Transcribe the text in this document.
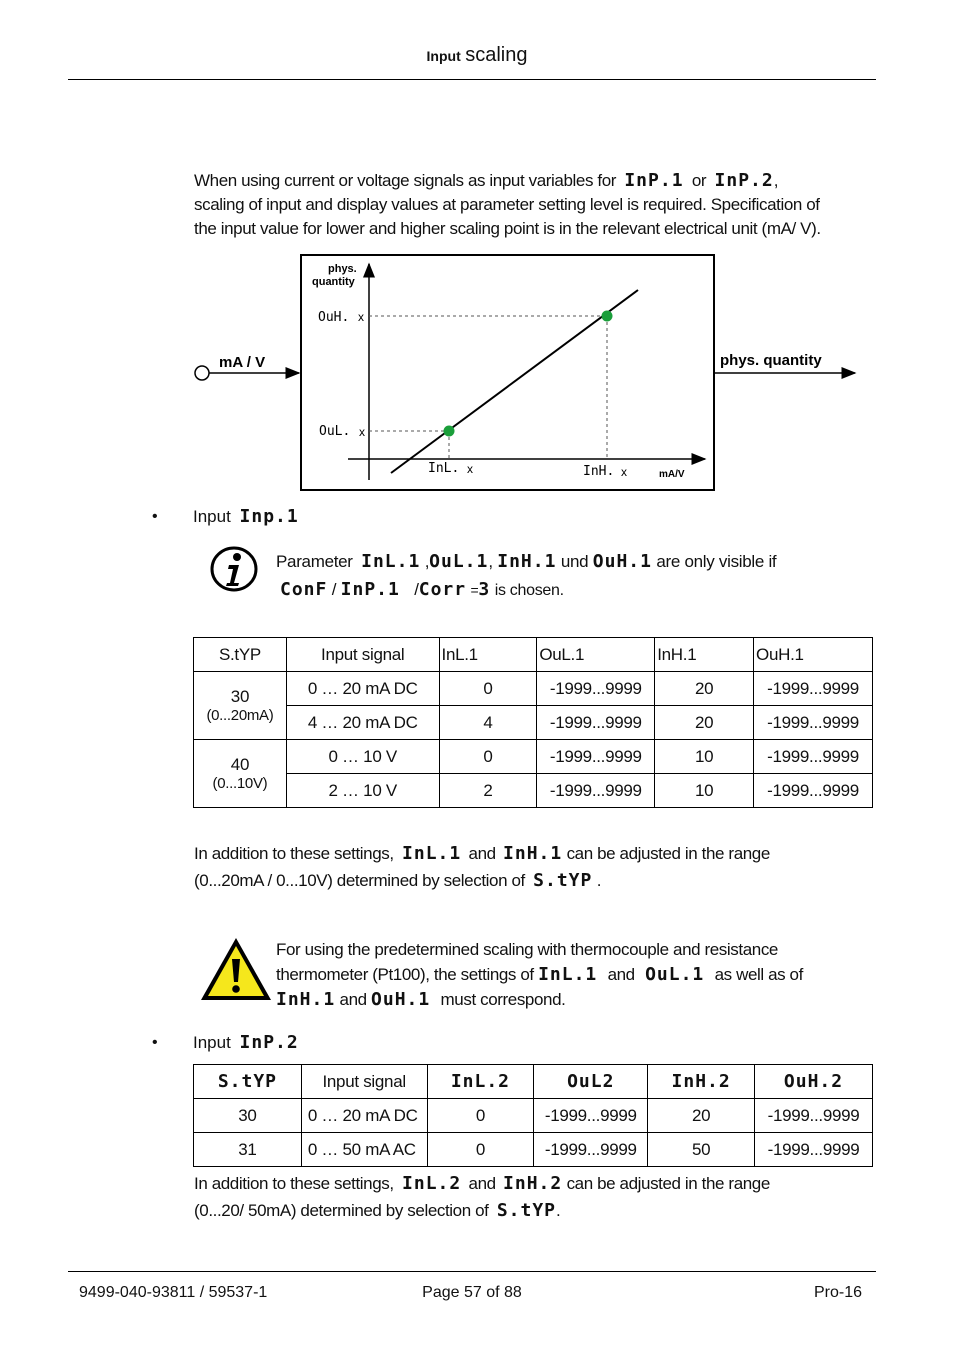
Input scaling
When using current or voltage signals as input variables for InP.1 or InP.2,
scaling of input and display values at parameter setting level is required. Specification of
the input value for lower and higher scaling point is in the relevant electrical unit (mA/ V).
phys.
quantity
OuH. x
OuL. x
InL. x	InH. x	mA/V
mA / V	phys. quantity
• Input Inp.1
Parameter InL.1 ,OuL.1, InH.1 und OuH.1 are only visible if
ConF / InP.1 /Corr =3 is chosen.
S.tYP	Input signal	InL.1	OuL.1	InH.1	OuH.1

30
(0...20mA)	0 … 20 mA DC	0	-1999...9999	20	-1999...9999
	4 … 20 mA DC	4	-1999...9999	20	-1999...9999

40
(0...10V)	0 … 10 V	0	-1999...9999	10	-1999...9999
	2 … 10 V	2	-1999...9999	10	-1999...9999
In addition to these settings, InL.1 and InH.1 can be adjusted in the range
(0...20mA / 0...10V) determined by selection of S.tYP .
For using the predetermined scaling with thermocouple and resistance
thermometer (Pt100), the settings of InL.1 and OuL.1 as well as of
InH.1 and OuH.1 must correspond.
• Input InP.2
S.tYP	Input signal	InL.2	OuL2	InH.2	OuH.2
30	0 … 20 mA DC	0	-1999...9999	20	-1999...9999
31	0 … 50 mA AC	0	-1999...9999	50	-1999...9999
In addition to these settings, InL.2 and InH.2 can be adjusted in the range
(0...20/ 50mA) determined by selection of S.tYP.
9499-040-93811 / 59537-1	Page 57 of 88	Pro-16
